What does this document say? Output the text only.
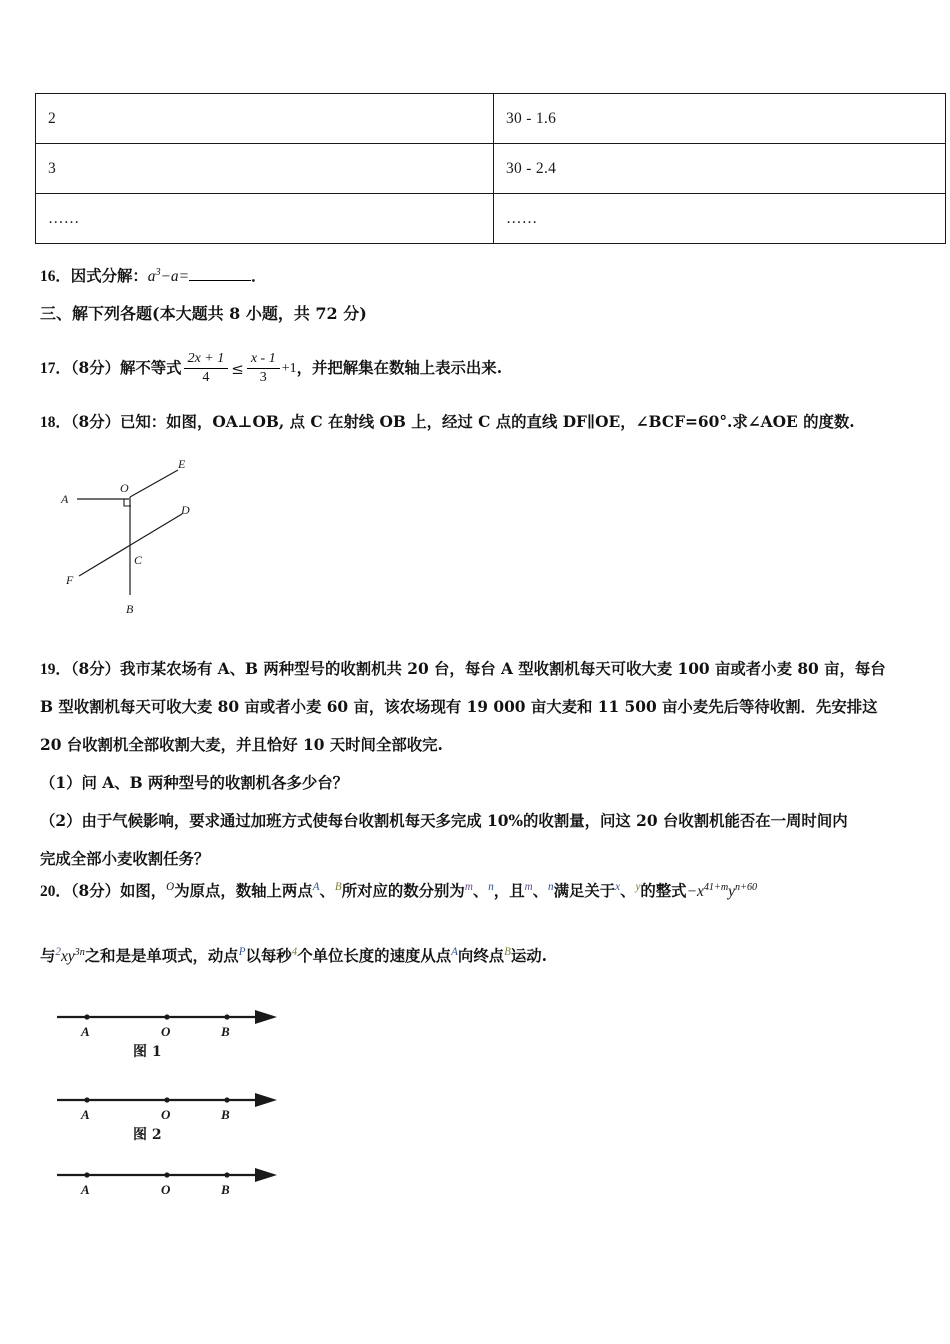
2	30 - 1.6
3	30 - 2.4
……	……
16．因式分解：$a^3-a=$	．
三、解下列各题(本大题共 8 小题，共 72 分)
17．（8分）解不等式 $\frac{2x + 1}{4} \le \frac{x - 1}{3} +1$，并把解集在数轴上表示出来.
18．（8分）已知：如图，OA⊥OB, 点 C 在射线 OB 上，经过 C 点的直线 DF∥OE，∠BCF=60°.求∠AOE 的度数.
A
B
C
D
E
F
O
19．（8分）我市某农场有 A、B 两种型号的收割机共 20 台，每台 A 型收割机每天可收大麦 100 亩或者小麦 80 亩，每台
B 型收割机每天可收大麦 80 亩或者小麦 60 亩，该农场现有 19 000 亩大麦和 11 500 亩小麦先后等待收割．先安排这
20 台收割机全部收割大麦，并且恰好 10 天时间全部收完.
（1）问 A、B 两种型号的收割机各多少台？
（2）由于气候影响，要求通过加班方式使每台收割机每天多完成 10%的收割量，问这 20 台收割机能否在一周时间内
完成全部小麦收割任务？
20．（8分）如图，$^O$为原点，数轴上两点$^A$、$^B$所对应的数分别为$^m$、$^n$，且$^m$、$^n$满足关于$^x$、$^y$的整式$-x^{41+m}y^{n+60}$
与$^2xy^{3n}$之和是是单项式，动点$^P$以每秒$^4$个单位长度的速度从点$^A$向终点$^B$运动.
A	O	B
图 1
A	O	B
图 2
A	O	B
